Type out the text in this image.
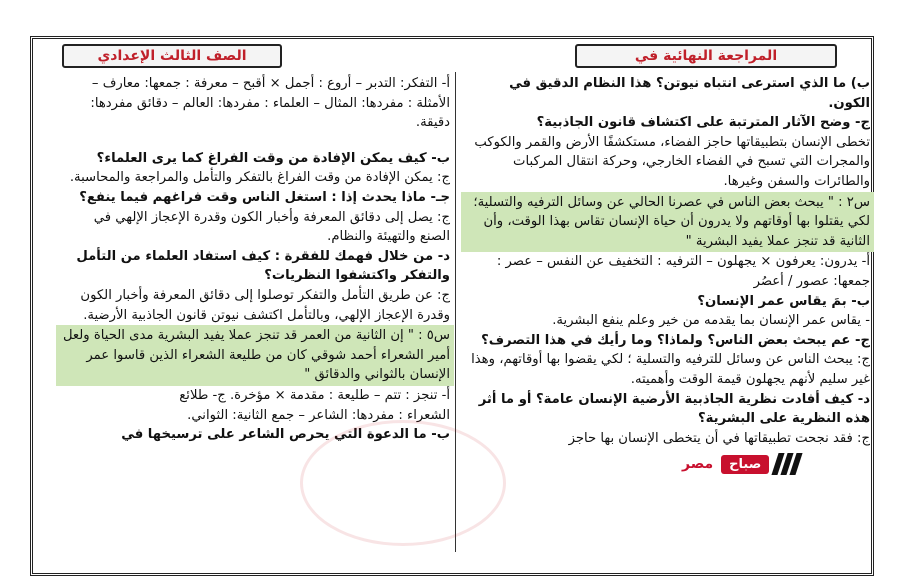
الصف الثالث الإعدادي	المراجعة النهائية في

ب) ما الذي استرعى انتباه نيوتن؟ هذا النظام الدقيق في الكون.

ج- وضح الآثار المترتبة على اكتشاف قانون الجاذبية؟

تخطى الإنسان بتطبيقاتها حاجز الفضاء، مستكشفًا الأرض والقمر والكوكب والمجرات التي تسبح في الفضاء الخارجي، وحركة انتقال المركبات والطائرات والسفن وغيرها.

س٢ : " يبحث بعض الناس في عصرنا الحالي عن وسائل الترفيه والتسلية؛ لكي يقتلوا بها أوقاتهم ولا يدرون أن حياة الإنسان تقاس بهذا الوقت، وأن الثانية قد تنجز عملا يفيد البشرية "

أ- يدرون: يعرفون × يجهلون – الترفيه : التخفيف عن النفس – عصر : جمعها: عصور / أعصُر

ب- بمَ يقاس عمر الإنسان؟

- يقاس عمر الإنسان بما يقدمه من خير وعلم ينفع البشرية.

ج- عم يبحث بعض الناس؟ ولماذا؟ وما رأيك في هذا التصرف؟

ج: يبحث الناس عن وسائل للترفيه والتسلية ؛ لكي يقضوا بها أوقاتهم، وهذا غير سليم لأنهم يجهلون قيمة الوقت وأهميته.

د- كيف أفادت نظرية الجاذبية الأرضية الإنسان عامة؟ أو ما أثر هذه النظرية على البشرية؟

ج: فقد نجحت تطبيقاتها في أن يتخطى الإنسان بها حاجز

أ- التفكر: التدبر – أروع : أجمل × أقبح – معرفة : جمعها: معارف – الأمثلة : مفردها: المثال – العلماء : مفردها: العالم – دقائق مفردها: دقيقة.

ب- كيف يمكن الإفادة من وقت الفراغ كما يرى العلماء؟

ج: يمكن الإفادة من وقت الفراغ بالتفكر والتأمل والمراجعة والمحاسبة.

جـ- ماذا يحدث إذا : استغل الناس وقت فراغهم فيما ينفع؟

ج: يصل إلى دقائق المعرفة وأخبار الكون وقدرة الإعجاز الإلهي في الصنع والتهيئة والنظام.

د- من خلال فهمك للفقرة : كيف استفاد العلماء من التأمل والتفكر واكتشفوا النظريات؟

ج: عن طريق التأمل والتفكر توصلوا إلى دقائق المعرفة وأخبار الكون وقدرة الإعجاز الإلهي، وبالتأمل اكتشف نيوتن قانون الجاذبية الأرضية.

س٥ : " إن الثانية من العمر قد تنجز عملا يفيد البشرية مدى الحياة ولعل أمير الشعراء أحمد شوقي كان من طليعة الشعراء الذين قاسوا عمر الإنسان بالثواني والدقائق "

أ- تنجز : تتم – طليعة : مقدمة × مؤخرة. ج- طلائع

الشعراء : مفردها: الشاعر – جمع الثانية: الثواني.

ب- ما الدعوة التي يحرص الشاعر على ترسيخها في

مصر	صباح
